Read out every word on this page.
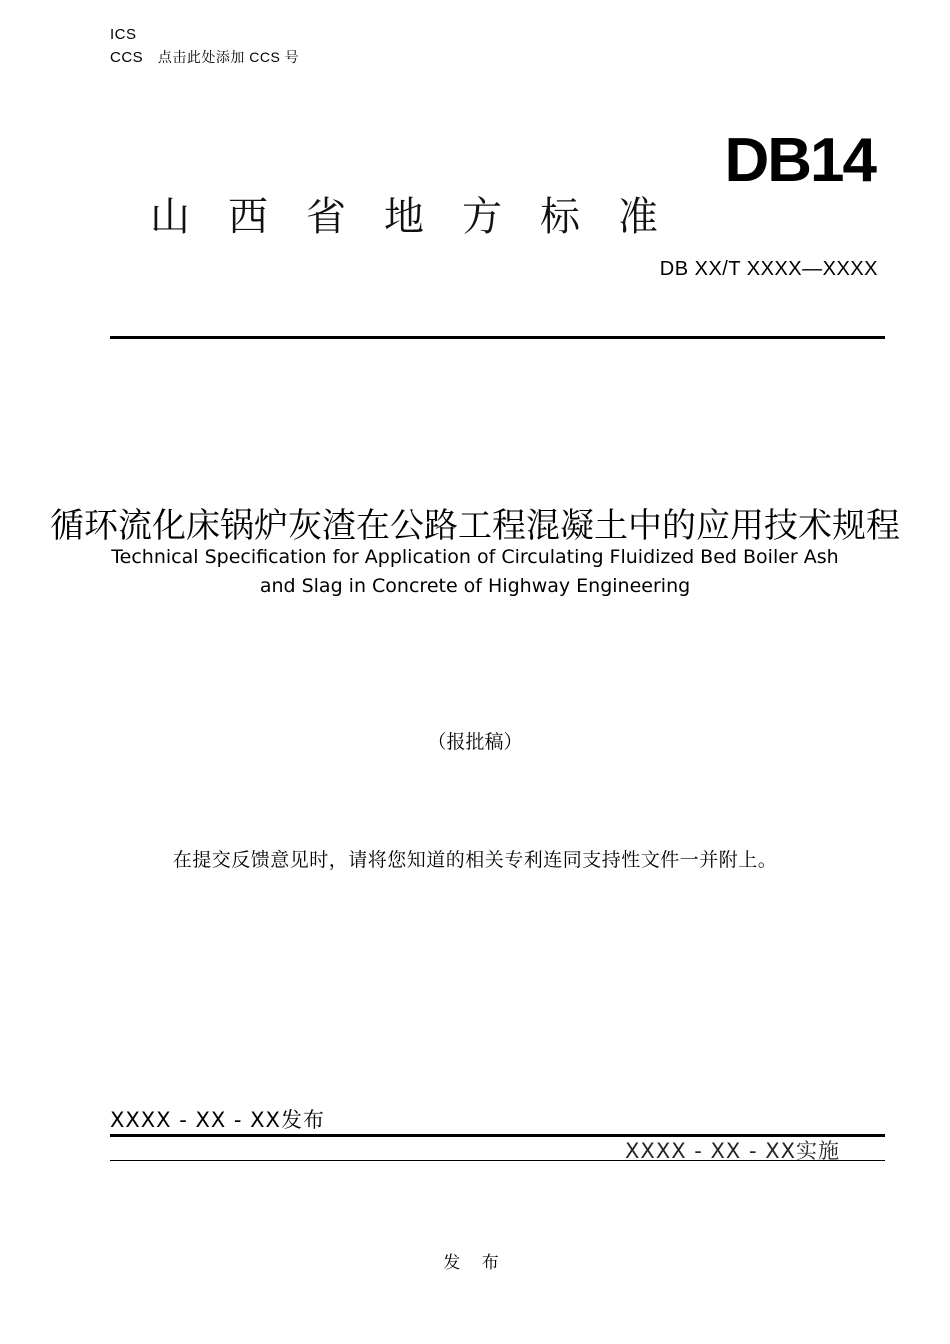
ICS
CCS 点击此处添加 CCS 号
DB14
山西省地方标准
DB XX/T XXXX—XXXX
循环流化床锅炉灰渣在公路工程混凝土中的应用技术规程
Technical Specification for Application of Circulating Fluidized Bed Boiler Ash and Slag in Concrete of Highway Engineering
（报批稿）
在提交反馈意见时，请将您知道的相关专利连同支持性文件一并附上。
XXXX - XX - XX发布
XXXX - XX - XX实施
发 布
